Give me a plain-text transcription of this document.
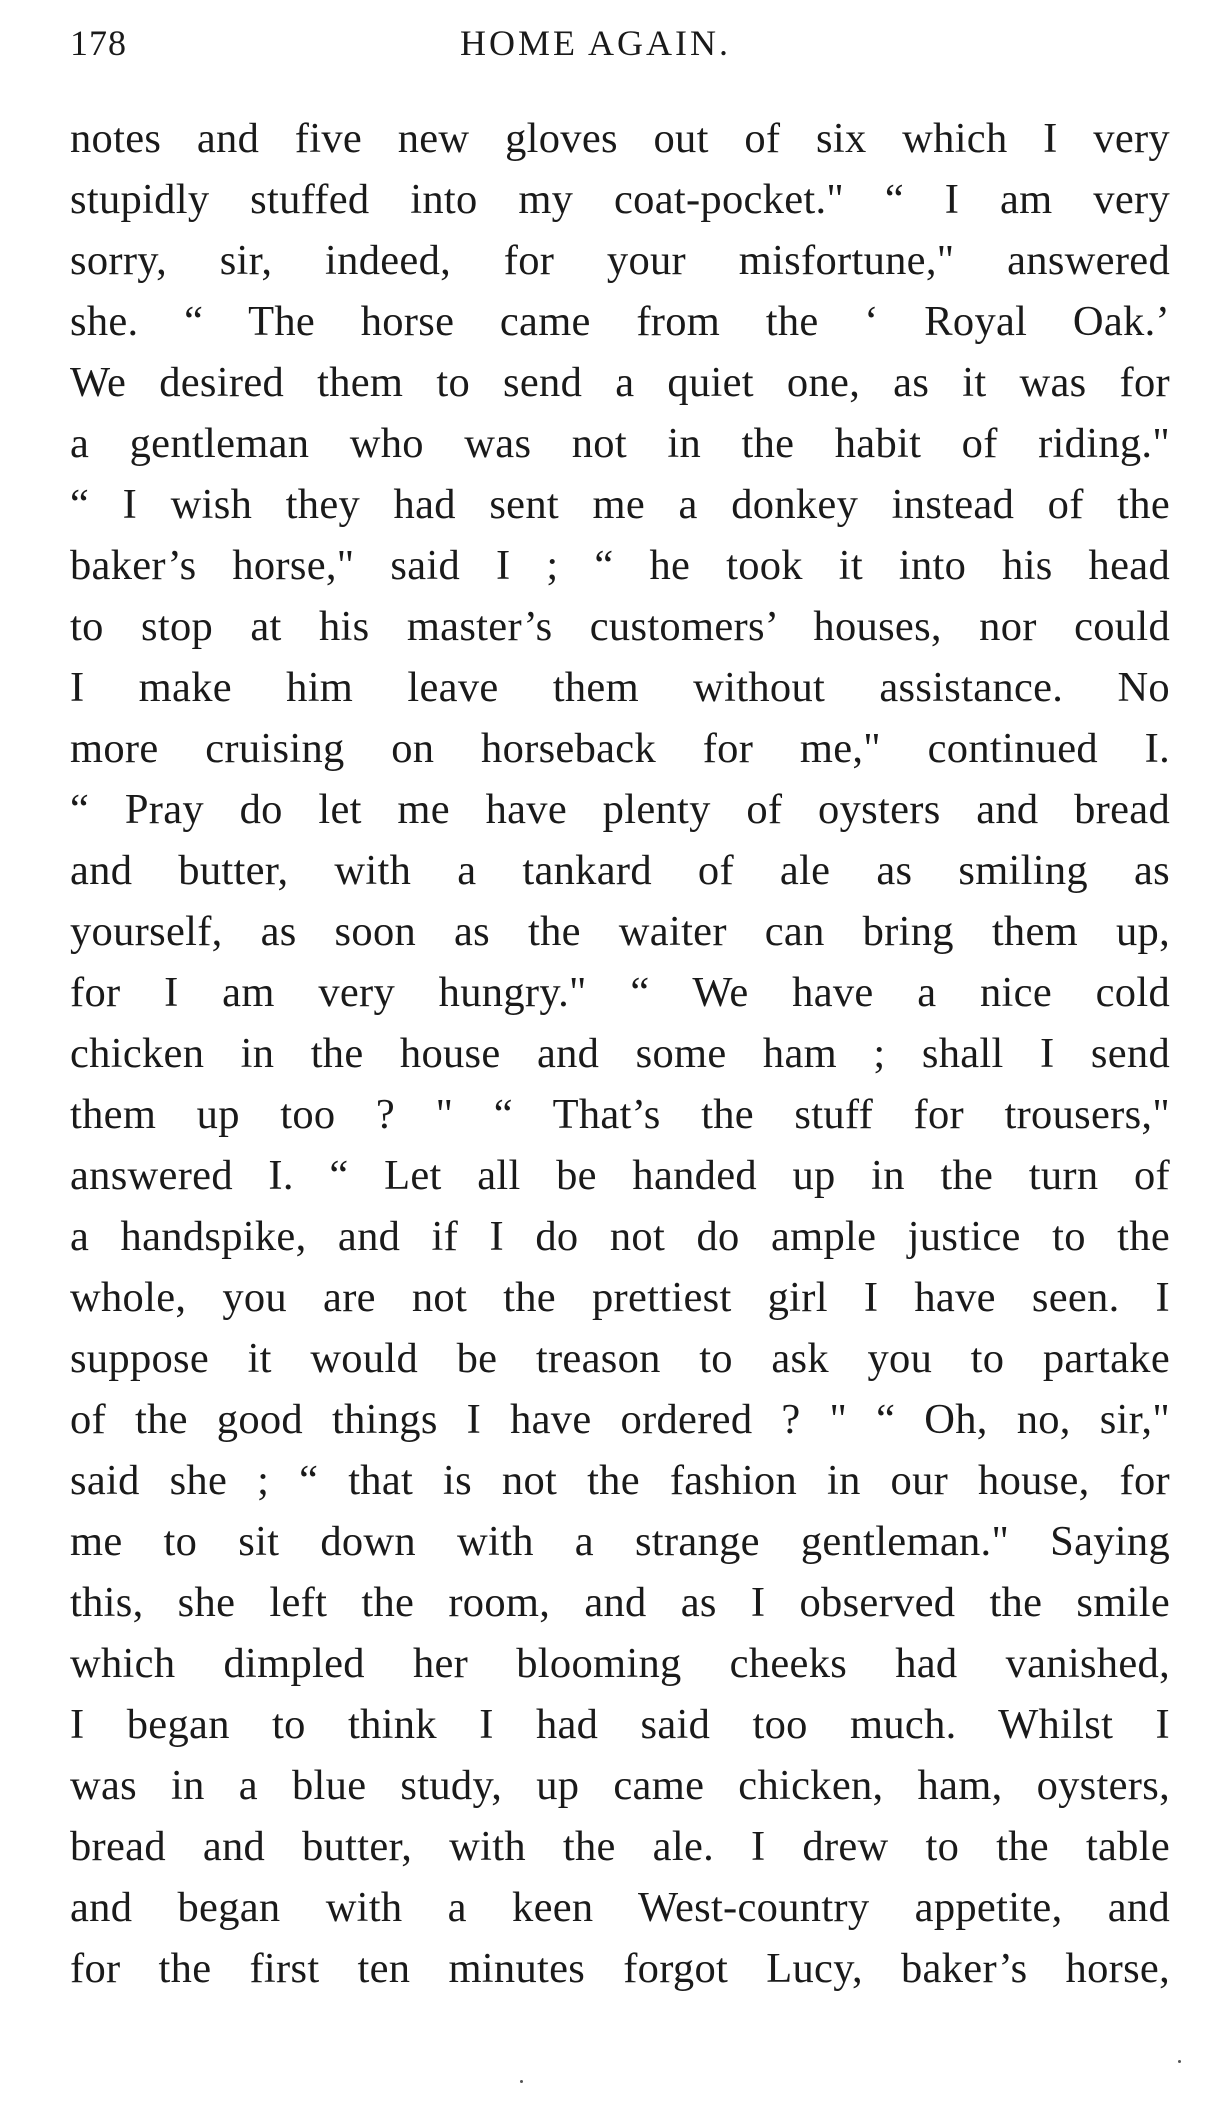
178	HOME AGAIN.
notes and five new gloves out of six which I very
stupidly stuffed into my coat-pocket." “ I am very
sorry, sir, indeed, for your misfortune," answered
she. “ The horse came from the ‘ Royal Oak.’
We desired them to send a quiet one, as it was for
a gentleman who was not in the habit of riding."
“ I wish they had sent me a donkey instead of the
baker’s horse," said I ; “ he took it into his head
to stop at his master’s customers’ houses, nor could
I make him leave them without assistance. No
more cruising on horseback for me," continued I.
“ Pray do let me have plenty of oysters and bread
and butter, with a tankard of ale as smiling as
yourself, as soon as the waiter can bring them up,
for I am very hungry." “ We have a nice cold
chicken in the house and some ham ; shall I send
them up too ? " “ That’s the stuff for trousers,"
answered I. “ Let all be handed up in the turn of
a handspike, and if I do not do ample justice to the
whole, you are not the prettiest girl I have seen. I
suppose it would be treason to ask you to partake
of the good things I have ordered ? " “ Oh, no, sir,"
said she ; “ that is not the fashion in our house, for
me to sit down with a strange gentleman." Saying
this, she left the room, and as I observed the smile
which dimpled her blooming cheeks had vanished,
I began to think I had said too much. Whilst I
was in a blue study, up came chicken, ham, oysters,
bread and butter, with the ale. I drew to the table
and began with a keen West-country appetite, and
for the first ten minutes forgot Lucy, baker’s horse,
